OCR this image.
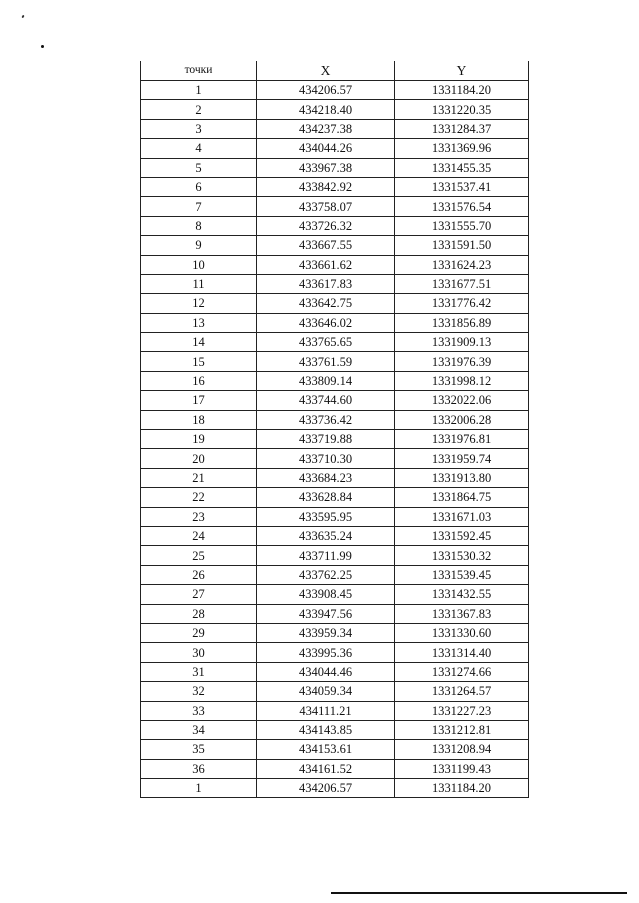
точки	X	Y
1	434206.57	1331184.20
2	434218.40	1331220.35
3	434237.38	1331284.37
4	434044.26	1331369.96
5	433967.38	1331455.35
6	433842.92	1331537.41
7	433758.07	1331576.54
8	433726.32	1331555.70
9	433667.55	1331591.50
10	433661.62	1331624.23
11	433617.83	1331677.51
12	433642.75	1331776.42
13	433646.02	1331856.89
14	433765.65	1331909.13
15	433761.59	1331976.39
16	433809.14	1331998.12
17	433744.60	1332022.06
18	433736.42	1332006.28
19	433719.88	1331976.81
20	433710.30	1331959.74
21	433684.23	1331913.80
22	433628.84	1331864.75
23	433595.95	1331671.03
24	433635.24	1331592.45
25	433711.99	1331530.32
26	433762.25	1331539.45
27	433908.45	1331432.55
28	433947.56	1331367.83
29	433959.34	1331330.60
30	433995.36	1331314.40
31	434044.46	1331274.66
32	434059.34	1331264.57
33	434111.21	1331227.23
34	434143.85	1331212.81
35	434153.61	1331208.94
36	434161.52	1331199.43
1	434206.57	1331184.20
